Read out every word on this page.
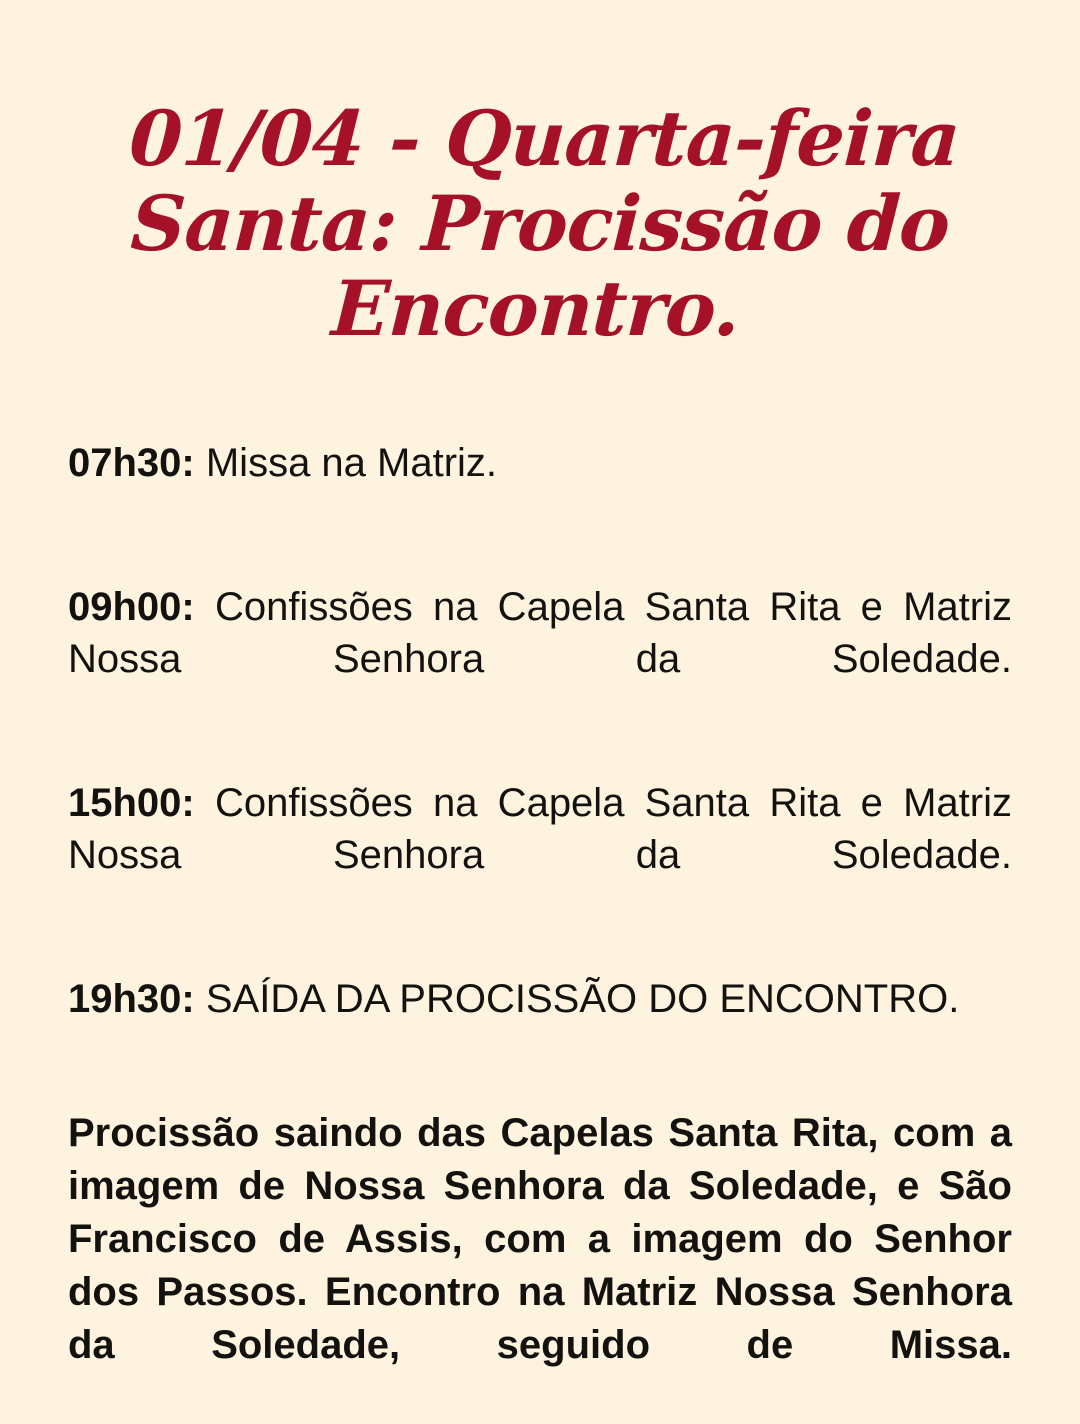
01/04 - Quarta-feira Santa: Procissão do Encontro.

07h30: Missa na Matriz.

09h00: Confissões na Capela Santa Rita e Matriz Nossa Senhora da Soledade.

15h00: Confissões na Capela Santa Rita e Matriz Nossa Senhora da Soledade.

19h30: SAÍDA DA PROCISSÃO DO ENCONTRO.

Procissão saindo das Capelas Santa Rita, com a imagem de Nossa Senhora da Soledade, e São Francisco de Assis, com a imagem do Senhor dos Passos. Encontro na Matriz Nossa Senhora da Soledade, seguido de Missa.
